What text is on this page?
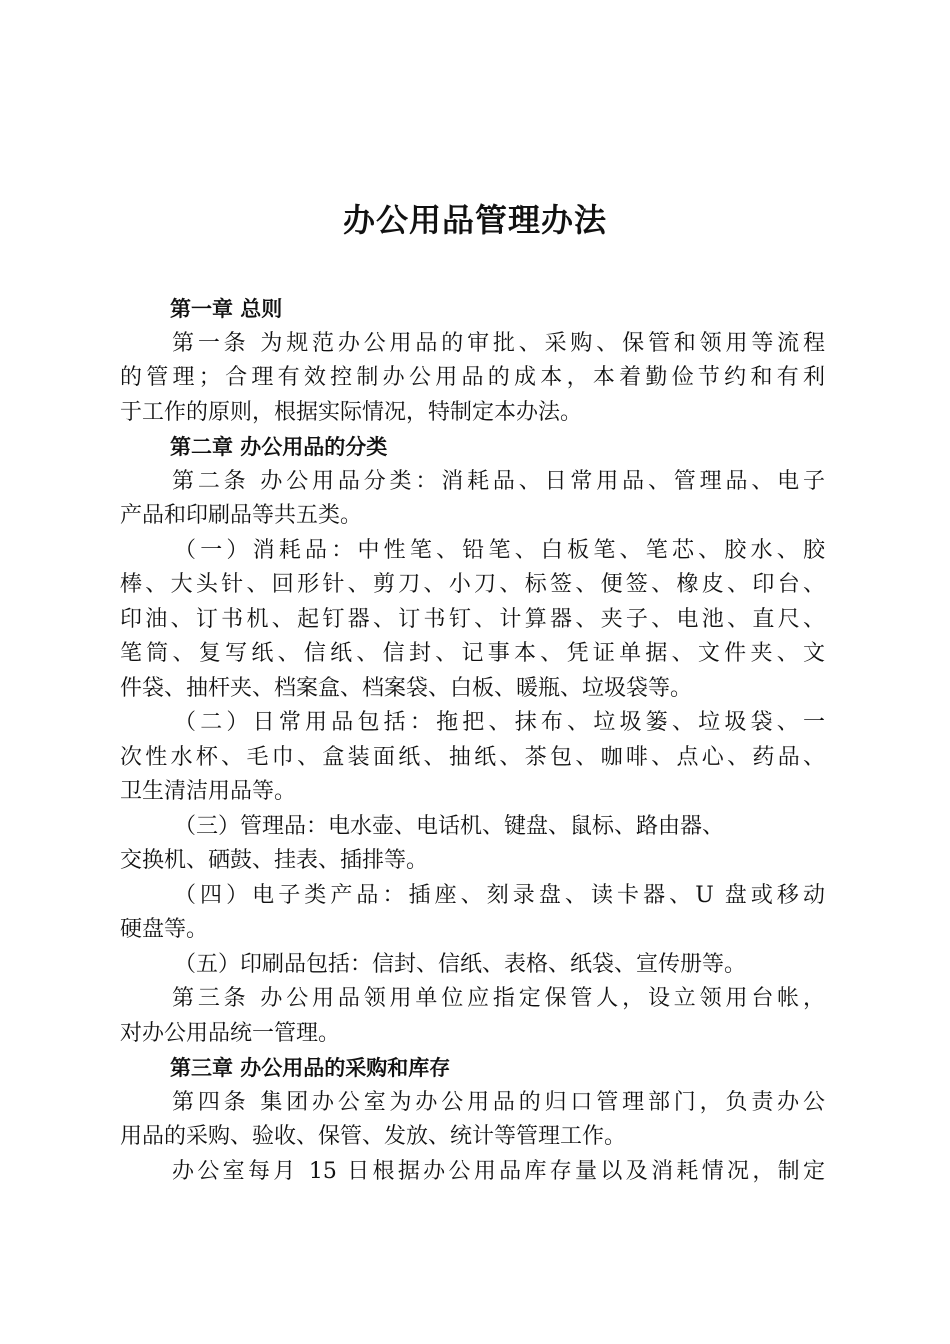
办公用品管理办法
第一章 总则
第一条 为规范办公用品的审批、采购、保管和领用等流程
的管理；合理有效控制办公用品的成本，本着勤俭节约和有利
于工作的原则，根据实际情况，特制定本办法。
第二章 办公用品的分类
第二条 办公用品分类：消耗品、日常用品、管理品、电子
产品和印刷品等共五类。
（一）消耗品：中性笔、铅笔、白板笔、笔芯、胶水、胶
棒、大头针、回形针、剪刀、小刀、标签、便签、橡皮、印台、
印油、订书机、起钉器、订书钉、计算器、夹子、电池、直尺、
笔筒、复写纸、信纸、信封、记事本、凭证单据、文件夹、文
件袋、抽杆夹、档案盒、档案袋、白板、暖瓶、垃圾袋等。
（二）日常用品包括：拖把、抹布、垃圾篓、垃圾袋、一
次性水杯、毛巾、盒装面纸、抽纸、茶包、咖啡、点心、药品、
卫生清洁用品等。
（三）管理品：电水壶、电话机、键盘、鼠标、路由器、
交换机、硒鼓、挂表、插排等。
（四）电子类产品：插座、刻录盘、读卡器、U 盘或移动
硬盘等。
（五）印刷品包括：信封、信纸、表格、纸袋、宣传册等。
第三条 办公用品领用单位应指定保管人，设立领用台帐，
对办公用品统一管理。
第三章 办公用品的采购和库存
第四条 集团办公室为办公用品的归口管理部门，负责办公
用品的采购、验收、保管、发放、统计等管理工作。
办公室每月 15 日根据办公用品库存量以及消耗情况，制定
